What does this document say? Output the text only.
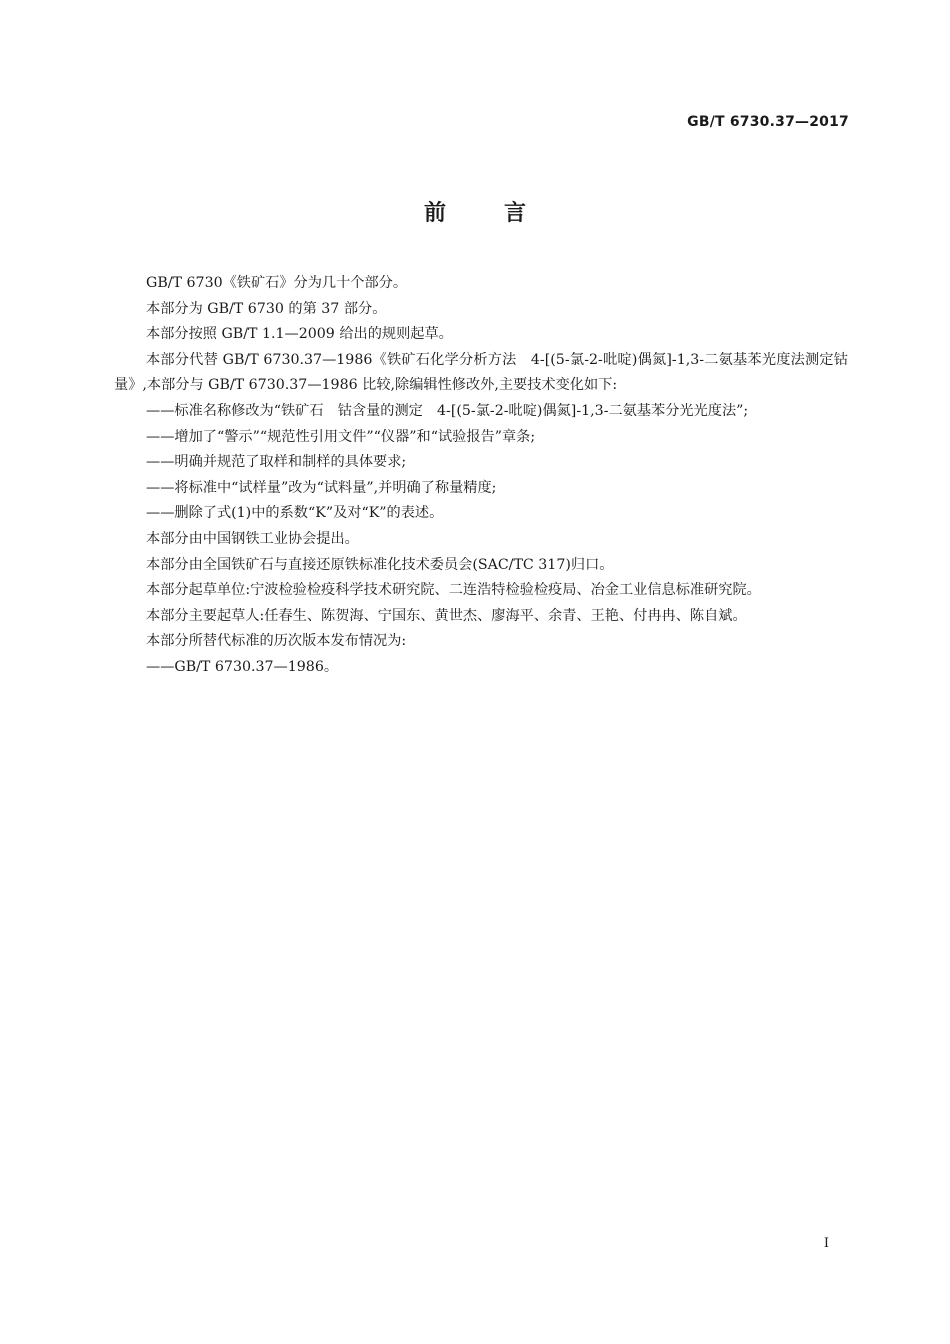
GB/T 6730.37—2017
前	言

GB/T 6730《铁矿石》分为几十个部分。

本部分为 GB/T 6730 的第 37 部分。

本部分按照 GB/T 1.1—2009 给出的规则起草。

本部分代替 GB/T 6730.37—1986《铁矿石化学分析方法　4-[(5-氯-2-吡啶)偶氮]-1,3-二氨基苯光度法测定钴量》,本部分与 GB/T 6730.37—1986 比较,除编辑性修改外,主要技术变化如下:

——标准名称修改为“铁矿石　钴含量的测定　4-[(5-氯-2-吡啶)偶氮]-1,3-二氨基苯分光光度法”;

——增加了“警示”“规范性引用文件”“仪器”和“试验报告”章条;

——明确并规范了取样和制样的具体要求;

——将标准中“试样量”改为“试料量”,并明确了称量精度;

——删除了式(1)中的系数“K”及对“K”的表述。

本部分由中国钢铁工业协会提出。

本部分由全国铁矿石与直接还原铁标准化技术委员会(SAC/TC 317)归口。

本部分起草单位:宁波检验检疫科学技术研究院、二连浩特检验检疫局、冶金工业信息标准研究院。

本部分主要起草人:任春生、陈贺海、宁国东、黄世杰、廖海平、余青、王艳、付冉冉、陈自斌。

本部分所替代标准的历次版本发布情况为:

——GB/T 6730.37—1986。

I
